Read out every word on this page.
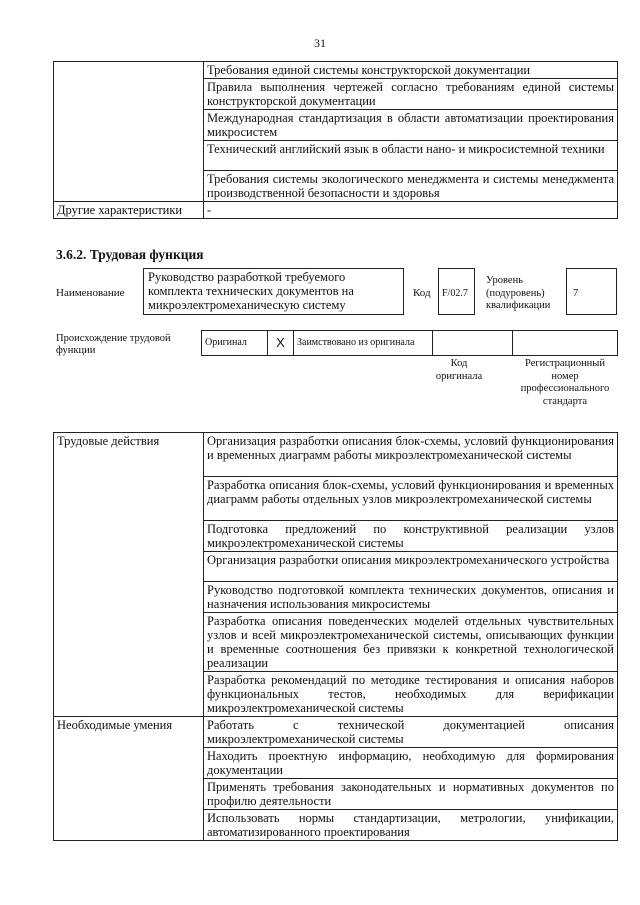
31
	Требования единой системы конструкторской документации
	Правила выполнения чертежей согласно требованиям единой системы конструкторской документации
	Международная стандартизация в области автоматизации проектирования микросистем
	Технический английский язык в области нано- и микросистемной техники
	Требования системы экологического менеджмента и системы менеджмента производственной безопасности и здоровья
Другие характеристики	-
3.6.2. Трудовая функция
Наименование
Руководство разработкой требуемого комплекта технических документов на микроэлектромеханическую систему
Код	F/02.7
Уровень (подуровень) квалификации
7
Происхождение трудовой функции
Оригинал	X	Заимствовано из оригинала		
Код оригинала
Регистрационный номер профессионального стандарта
Трудовые действия	Организация разработки описания блок-схемы, условий функционирования и временных диаграмм работы микроэлектромеханической системы
	Разработка описания блок-схемы, условий функционирования и временных диаграмм работы отдельных узлов микроэлектромеханической системы
	Подготовка предложений по конструктивной реализации узлов микроэлектромеханической системы
	Организация разработки описания микроэлектромеханического устройства
	Руководство подготовкой комплекта технических документов, описания и назначения использования микросистемы
	Разработка описания поведенческих моделей отдельных чувствительных узлов и всей микроэлектромеханической системы, описывающих функции и временные соотношения без привязки к конкретной технологической реализации
	Разработка рекомендаций по методике тестирования и описания наборов функциональных тестов, необходимых для верификации микроэлектромеханической системы
Необходимые умения	Работать с технической документацией описания микроэлектромеханической системы
	Находить проектную информацию, необходимую для формирования документации
	Применять требования законодательных и нормативных документов по профилю деятельности
	Использовать нормы стандартизации, метрологии, унификации, автоматизированного проектирования
